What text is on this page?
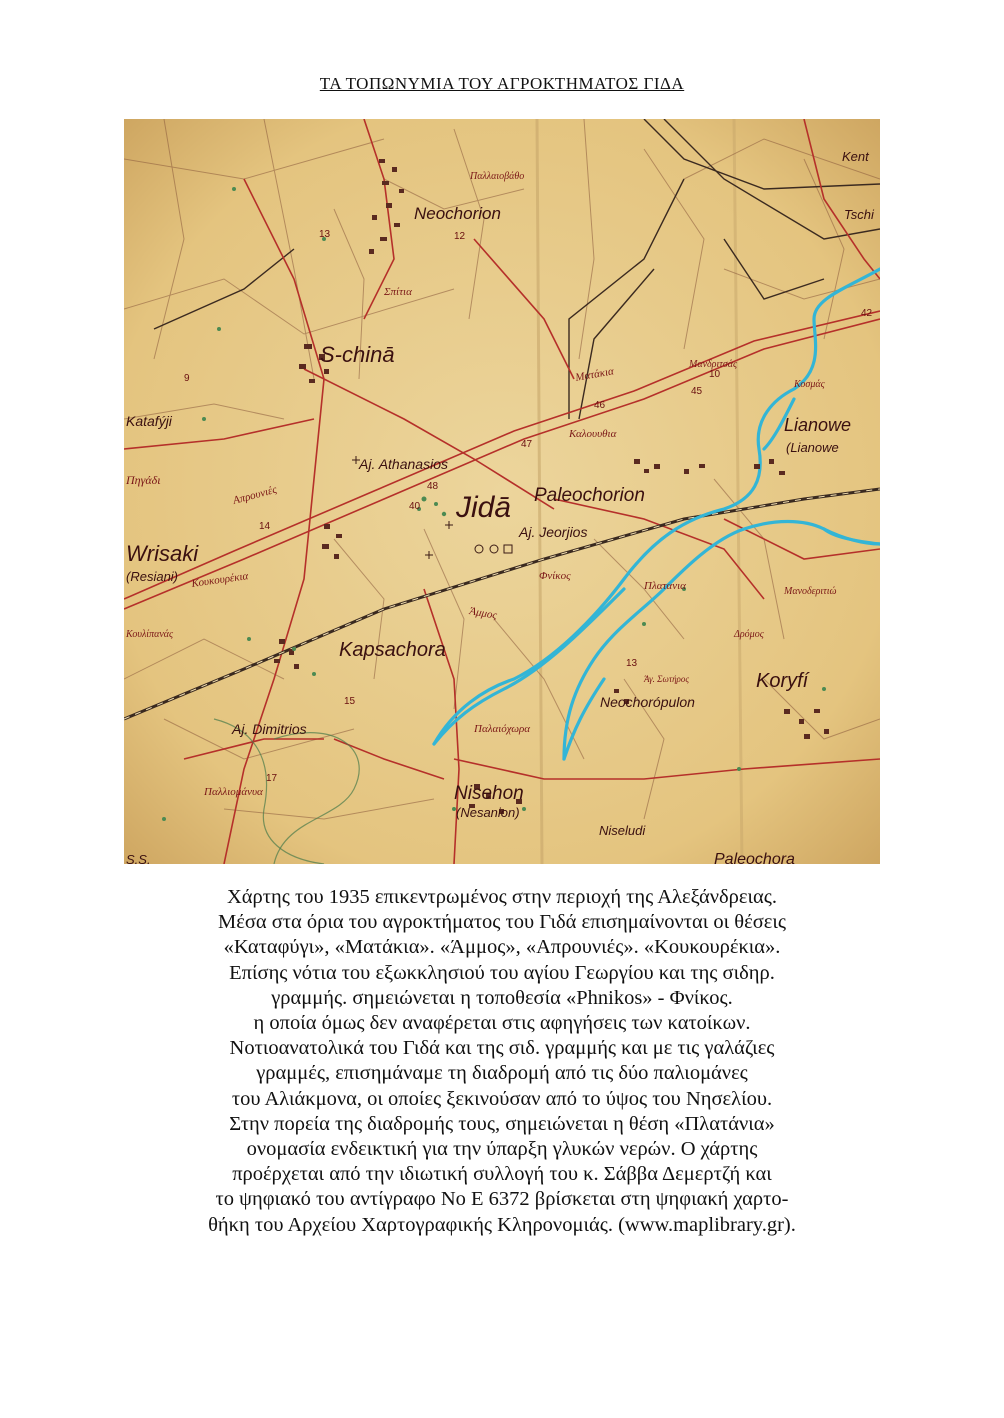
ΤΑ ΤΟΠΩΝΥΜΙΑ ΤΟΥ ΑΓΡΟΚΤΗΜΑΤΟΣ ΓΙΔΑ
42
45
46
47
48
12
14
15
17
10
13
9
40
13
Neochorion
S-chinā
Katafýji
Πηγάδι
Wrisaki
(Resiani)
Aj. Athanasios
Απρουνιές	Jidā Paleochorion
Aj. Jeorjios
Lianowe
(Lianowe
Kent
Tschi
Kapsachora
Aj. Dimitrios
Nisehon
(Nesanion)
Neochorópulon
Koryfí
Paleochora
Niseludi
Πλατανια
Φνίκος
Άμμος
Κουκουρέκια
Ματάκια
Καλουυθια
Παλαιόχωρα
Παλλιομάνυα
S.S.
Μανδριτσάς
Μανοδεριτιώ
Άγ. Σωτήρος
Δρόμος
Κουλίπανάς
Κοσμάς
Παλλαιοβάθο
Σπίτια
Χάρτης του 1935 επικεντρωμένος στην περιοχή της Αλεξάνδρειας.
Μέσα στα όρια του αγροκτήματος του Γιδά επισημαίνονται οι θέσεις
«Καταφύγι», «Ματάκια». «Άμμος», «Απρουνιές». «Κουκουρέκια».
Επίσης νότια του εξωκκλησιού του αγίου Γεωργίου και της σιδηρ.
γραμμής. σημειώνεται η τοποθεσία «Phnikos» - Φνίκος.
η οποία όμως δεν αναφέρεται στις αφηγήσεις των κατοίκων.
Νοτιοανατολικά του Γιδά και της σιδ. γραμμής και με τις γαλάζιες
γραμμές, επισημάναμε τη διαδρομή από τις δύο παλιομάνες
του Αλιάκμονα, οι οποίες ξεκινούσαν από το ύψος του Νησελίου.
Στην πορεία της διαδρομής τους, σημειώνεται η θέση «Πλατάνια»
ονομασία ενδεικτική για την ύπαρξη γλυκών νερών. Ο χάρτης
προέρχεται από την ιδιωτική συλλογή του κ. Σάββα Δεμερτζή και
το ψηφιακό του αντίγραφο Νο Ε 6372 βρίσκεται στη ψηφιακή χαρτο-
θήκη του Αρχείου Χαρτογραφικής Κληρονομιάς. (www.maplibrary.gr).
